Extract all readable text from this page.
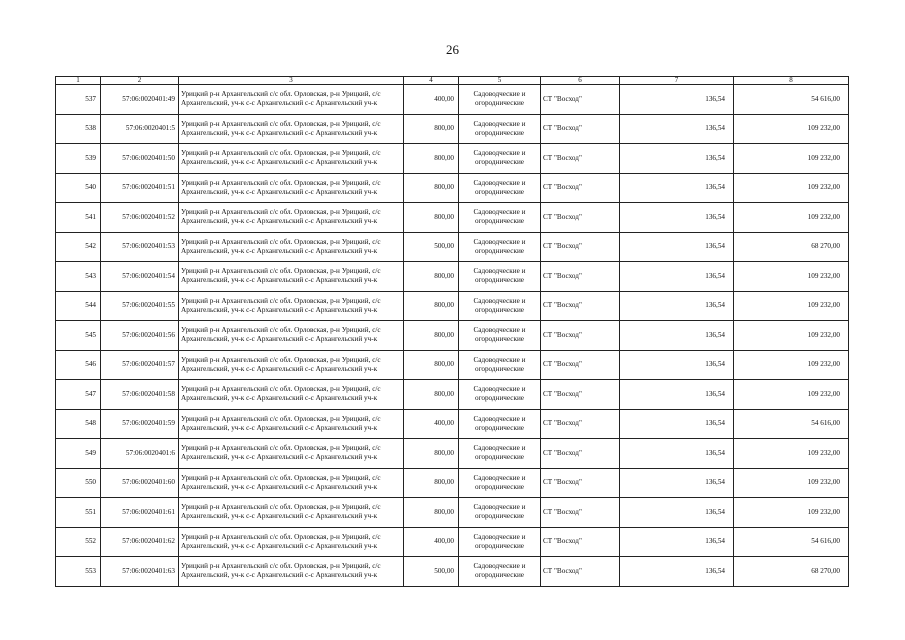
26
1	2	3	4	5	6	7	8
537	57:06:0020401:49	Урицкий р-н Архангельский с/с обл. Орловская, р-н Урицкий, с/с
Архангельский, уч-к с-с Архангельский с-с Архангельский уч-к	400,00	Садоводческие и
огороднические	СТ "Восход"	136,54	54 616,00
538	57:06:0020401:5	Урицкий р-н Архангельский с/с обл. Орловская, р-н Урицкий, с/с
Архангельский, уч-к с-с Архангельский с-с Архангельский уч-к	800,00	Садоводческие и
огороднические	СТ "Восход"	136,54	109 232,00
539	57:06:0020401:50	Урицкий р-н Архангельский с/с обл. Орловская, р-н Урицкий, с/с
Архангельский, уч-к с-с Архангельский с-с Архангельский уч-к	800,00	Садоводческие и
огороднические	СТ "Восход"	136,54	109 232,00
540	57:06:0020401:51	Урицкий р-н Архангельский с/с обл. Орловская, р-н Урицкий, с/с
Архангельский, уч-к с-с Архангельский с-с Архангельский уч-к	800,00	Садоводческие и
огороднические	СТ "Восход"	136,54	109 232,00
541	57:06:0020401:52	Урицкий р-н Архангельский с/с обл. Орловская, р-н Урицкий, с/с
Архангельский, уч-к с-с Архангельский с-с Архангельский уч-к	800,00	Садоводческие и
огороднические	СТ "Восход"	136,54	109 232,00
542	57:06:0020401:53	Урицкий р-н Архангельский с/с обл. Орловская, р-н Урицкий, с/с
Архангельский, уч-к с-с Архангельский с-с Архангельский уч-к	500,00	Садоводческие и
огороднические	СТ "Восход"	136,54	68 270,00
543	57:06:0020401:54	Урицкий р-н Архангельский с/с обл. Орловская, р-н Урицкий, с/с
Архангельский, уч-к с-с Архангельский с-с Архангельский уч-к	800,00	Садоводческие и
огороднические	СТ "Восход"	136,54	109 232,00
544	57:06:0020401:55	Урицкий р-н Архангельский с/с обл. Орловская, р-н Урицкий, с/с
Архангельский, уч-к с-с Архангельский с-с Архангельский уч-к	800,00	Садоводческие и
огороднические	СТ "Восход"	136,54	109 232,00
545	57:06:0020401:56	Урицкий р-н Архангельский с/с обл. Орловская, р-н Урицкий, с/с
Архангельский, уч-к с-с Архангельский с-с Архангельский уч-к	800,00	Садоводческие и
огороднические	СТ "Восход"	136,54	109 232,00
546	57:06:0020401:57	Урицкий р-н Архангельский с/с обл. Орловская, р-н Урицкий, с/с
Архангельский, уч-к с-с Архангельский с-с Архангельский уч-к	800,00	Садоводческие и
огороднические	СТ "Восход"	136,54	109 232,00
547	57:06:0020401:58	Урицкий р-н Архангельский с/с обл. Орловская, р-н Урицкий, с/с
Архангельский, уч-к с-с Архангельский с-с Архангельский уч-к	800,00	Садоводческие и
огороднические	СТ "Восход"	136,54	109 232,00
548	57:06:0020401:59	Урицкий р-н Архангельский с/с обл. Орловская, р-н Урицкий, с/с
Архангельский, уч-к с-с Архангельский с-с Архангельский уч-к	400,00	Садоводческие и
огороднические	СТ "Восход"	136,54	54 616,00
549	57:06:0020401:6	Урицкий р-н Архангельский с/с обл. Орловская, р-н Урицкий, с/с
Архангельский, уч-к с-с Архангельский с-с Архангельский уч-к	800,00	Садоводческие и
огороднические	СТ "Восход"	136,54	109 232,00
550	57:06:0020401:60	Урицкий р-н Архангельский с/с обл. Орловская, р-н Урицкий, с/с
Архангельский, уч-к с-с Архангельский с-с Архангельский уч-к	800,00	Садоводческие и
огороднические	СТ "Восход"	136,54	109 232,00
551	57:06:0020401:61	Урицкий р-н Архангельский с/с обл. Орловская, р-н Урицкий, с/с
Архангельский, уч-к с-с Архангельский с-с Архангельский уч-к	800,00	Садоводческие и
огороднические	СТ "Восход"	136,54	109 232,00
552	57:06:0020401:62	Урицкий р-н Архангельский с/с обл. Орловская, р-н Урицкий, с/с
Архангельский, уч-к с-с Архангельский с-с Архангельский уч-к	400,00	Садоводческие и
огороднические	СТ "Восход"	136,54	54 616,00
553	57:06:0020401:63	Урицкий р-н Архангельский с/с обл. Орловская, р-н Урицкий, с/с
Архангельский, уч-к с-с Архангельский с-с Архангельский уч-к	500,00	Садоводческие и
огороднические	СТ "Восход"	136,54	68 270,00
